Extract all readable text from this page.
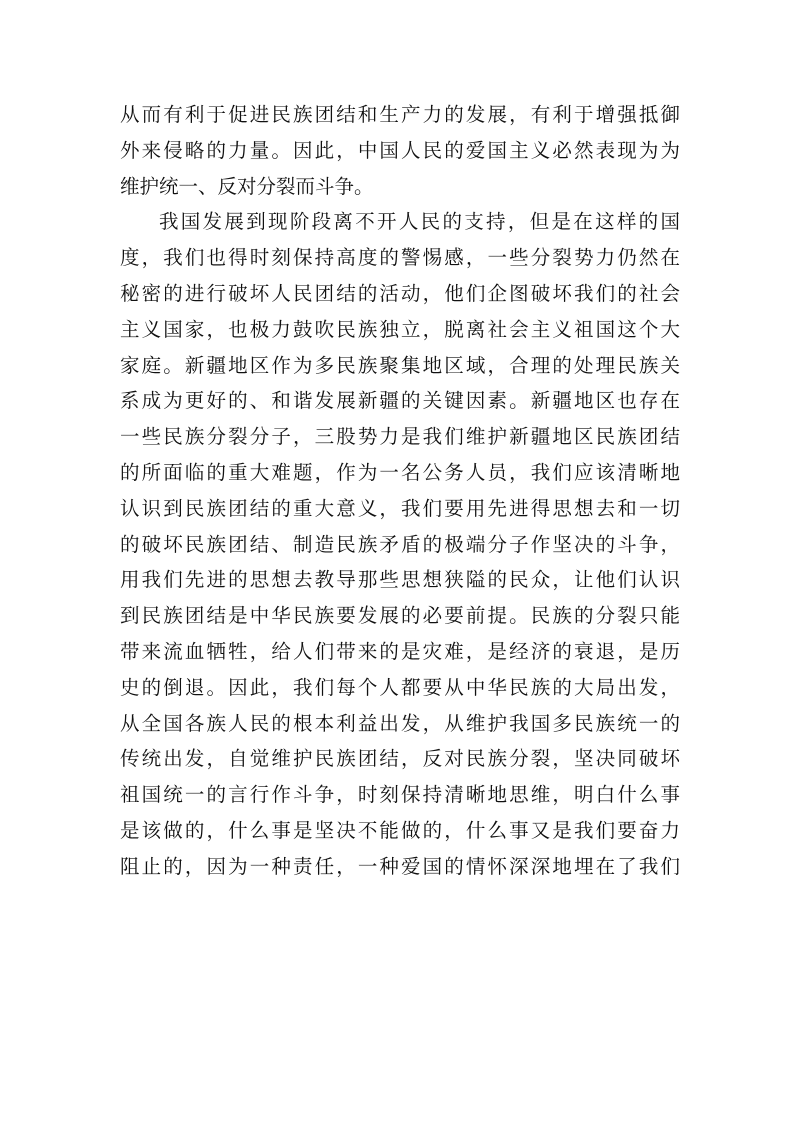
从而有利于促进民族团结和生产力的发展，有利于增强抵御
外来侵略的力量。因此，中国人民的爱国主义必然表现为为
维护统一、反对分裂而斗争。
我国发展到现阶段离不开人民的支持，但是在这样的国
度，我们也得时刻保持高度的警惕感，一些分裂势力仍然在
秘密的进行破坏人民团结的活动，他们企图破坏我们的社会
主义国家，也极力鼓吹民族独立，脱离社会主义祖国这个大
家庭。新疆地区作为多民族聚集地区域，合理的处理民族关
系成为更好的、和谐发展新疆的关键因素。新疆地区也存在
一些民族分裂分子，三股势力是我们维护新疆地区民族团结
的所面临的重大难题，作为一名公务人员，我们应该清晰地
认识到民族团结的重大意义，我们要用先进得思想去和一切
的破坏民族团结、制造民族矛盾的极端分子作坚决的斗争，
用我们先进的思想去教导那些思想狭隘的民众，让他们认识
到民族团结是中华民族要发展的必要前提。民族的分裂只能
带来流血牺牲，给人们带来的是灾难，是经济的衰退，是历
史的倒退。因此，我们每个人都要从中华民族的大局出发，
从全国各族人民的根本利益出发，从维护我国多民族统一的
传统出发，自觉维护民族团结，反对民族分裂，坚决同破坏
祖国统一的言行作斗争，时刻保持清晰地思维，明白什么事
是该做的，什么事是坚决不能做的，什么事又是我们要奋力
阻止的，因为一种责任，一种爱国的情怀深深地埋在了我们
